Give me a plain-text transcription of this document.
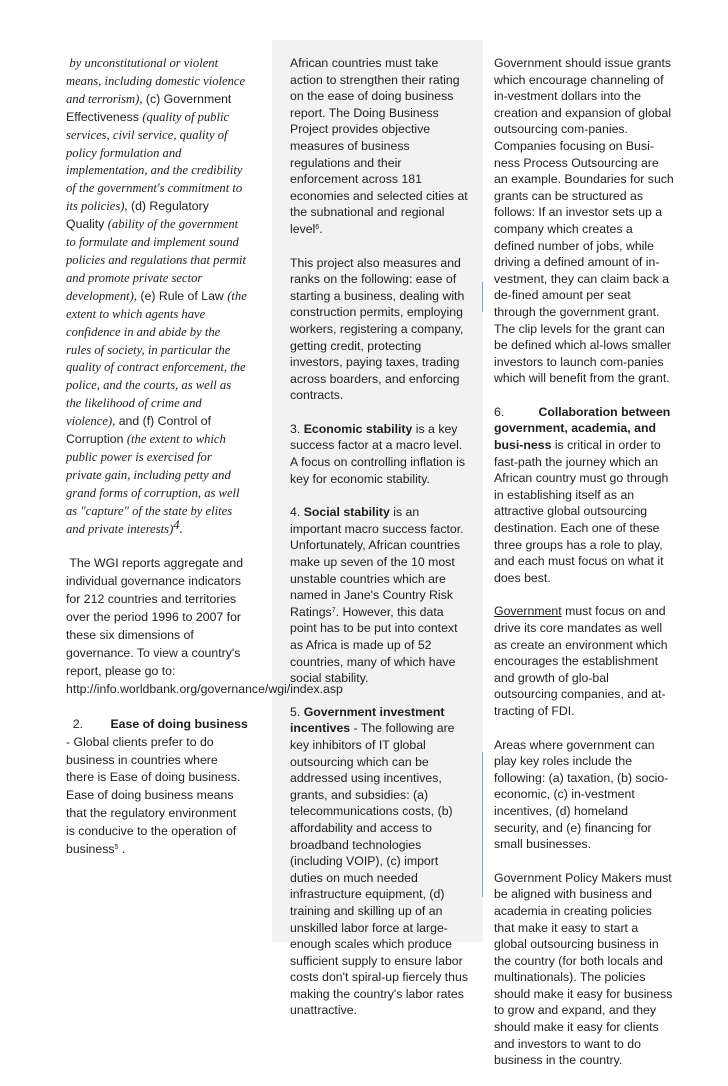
by unconstitutional or violent means, including domestic violence and terrorism), (c) Government Effectiveness (quality of public services, civil service, quality of policy formulation and implementation, and the credibility of the government's commitment to its policies), (d) Regulatory Quality (ability of the government to formulate and implement sound policies and regulations that permit and promote private sector development), (e) Rule of Law (the extent to which agents have confidence in and abide by the rules of society, in particular the quality of contract enforcement, the police, and the courts, as well as the likelihood of crime and violence), and (f) Control of Corruption (the extent to which public power is exercised for private gain, including petty and grand forms of corruption, as well as "capture" of the state by elites and private interests)$^4$.

The WGI reports aggregate and individual governance indicators for 212 countries and territories over the period 1996 to 2007 for these six dimensions of governance. To view a country's report, please go to: http://info.worldbank.org/governance/wgi/index.asp

2. Ease of doing business - Global clients prefer to do business in countries where there is Ease of doing business. Ease of doing business means that the regulatory environment is conducive to the operation of business$^5$ .

African countries must take action to strengthen their rating on the ease of doing business report. The Doing Business Project provides objective measures of business regulations and their enforcement across 181 economies and selected cities at the subnational and regional level$^6$.

This project also measures and ranks on the following: ease of starting a business, dealing with construction permits, employing workers, registering a company, getting credit, protecting investors, paying taxes, trading across boarders, and enforcing contracts.

3. Economic stability is a key success factor at a macro level. A focus on controlling inflation is key for economic stability.

4. Social stability is an important macro success factor. Unfortunately, African countries make up seven of the 10 most unstable countries which are named in Jane's Country Risk Ratings$^7$. However, this data point has to be put into context as Africa is made up of 52 countries, many of which have social stability.

5. Government investment incentives - The following are key inhibitors of IT global outsourcing which can be addressed using incentives, grants, and subsidies: (a) telecommunications costs, (b) affordability and access to broadband technologies (including VOIP), (c) import duties on much needed infrastructure equipment, (d) training and skilling up of an unskilled labor force at large-enough scales which produce sufficient supply to ensure labor costs don't spiral-up fiercely thus making the country's labor rates unattractive.

Government should issue grants which encourage channeling of in-vestment dollars into the creation and expansion of global outsourcing com-panies. Companies focusing on Busi-ness Process Outsourcing are an example. Boundaries for such grants can be structured as follows: If an investor sets up a company which creates a defined number of jobs, while driving a defined amount of in-vestment, they can claim back a de-fined amount per seat through the government grant. The clip levels for the grant can be defined which al-lows smaller investors to launch com-panies which will benefit from the grant.

6.	Collaboration between government, academia, and busi-ness is critical in order to fast-path the journey which an African country must go through in establishing itself as an attractive global outsourcing destination. Each one of these three groups has a role to play, and each must focus on what it does best.

Government must focus on and drive its core mandates as well as create an environment which encourages the establishment and growth of glo-bal outsourcing companies, and at-tracting of FDI.

Areas where government can play key roles include the following: (a) taxation, (b) socio-economic, (c) in-vestment incentives, (d) homeland security, and (e) financing for small businesses.

Government Policy Makers must be aligned with business and academia in creating policies that make it easy to start a global outsourcing business in the country (for both locals and multinationals). The policies should make it easy for business to grow and expand, and they should make it easy for clients and investors to want to do business in the country.
